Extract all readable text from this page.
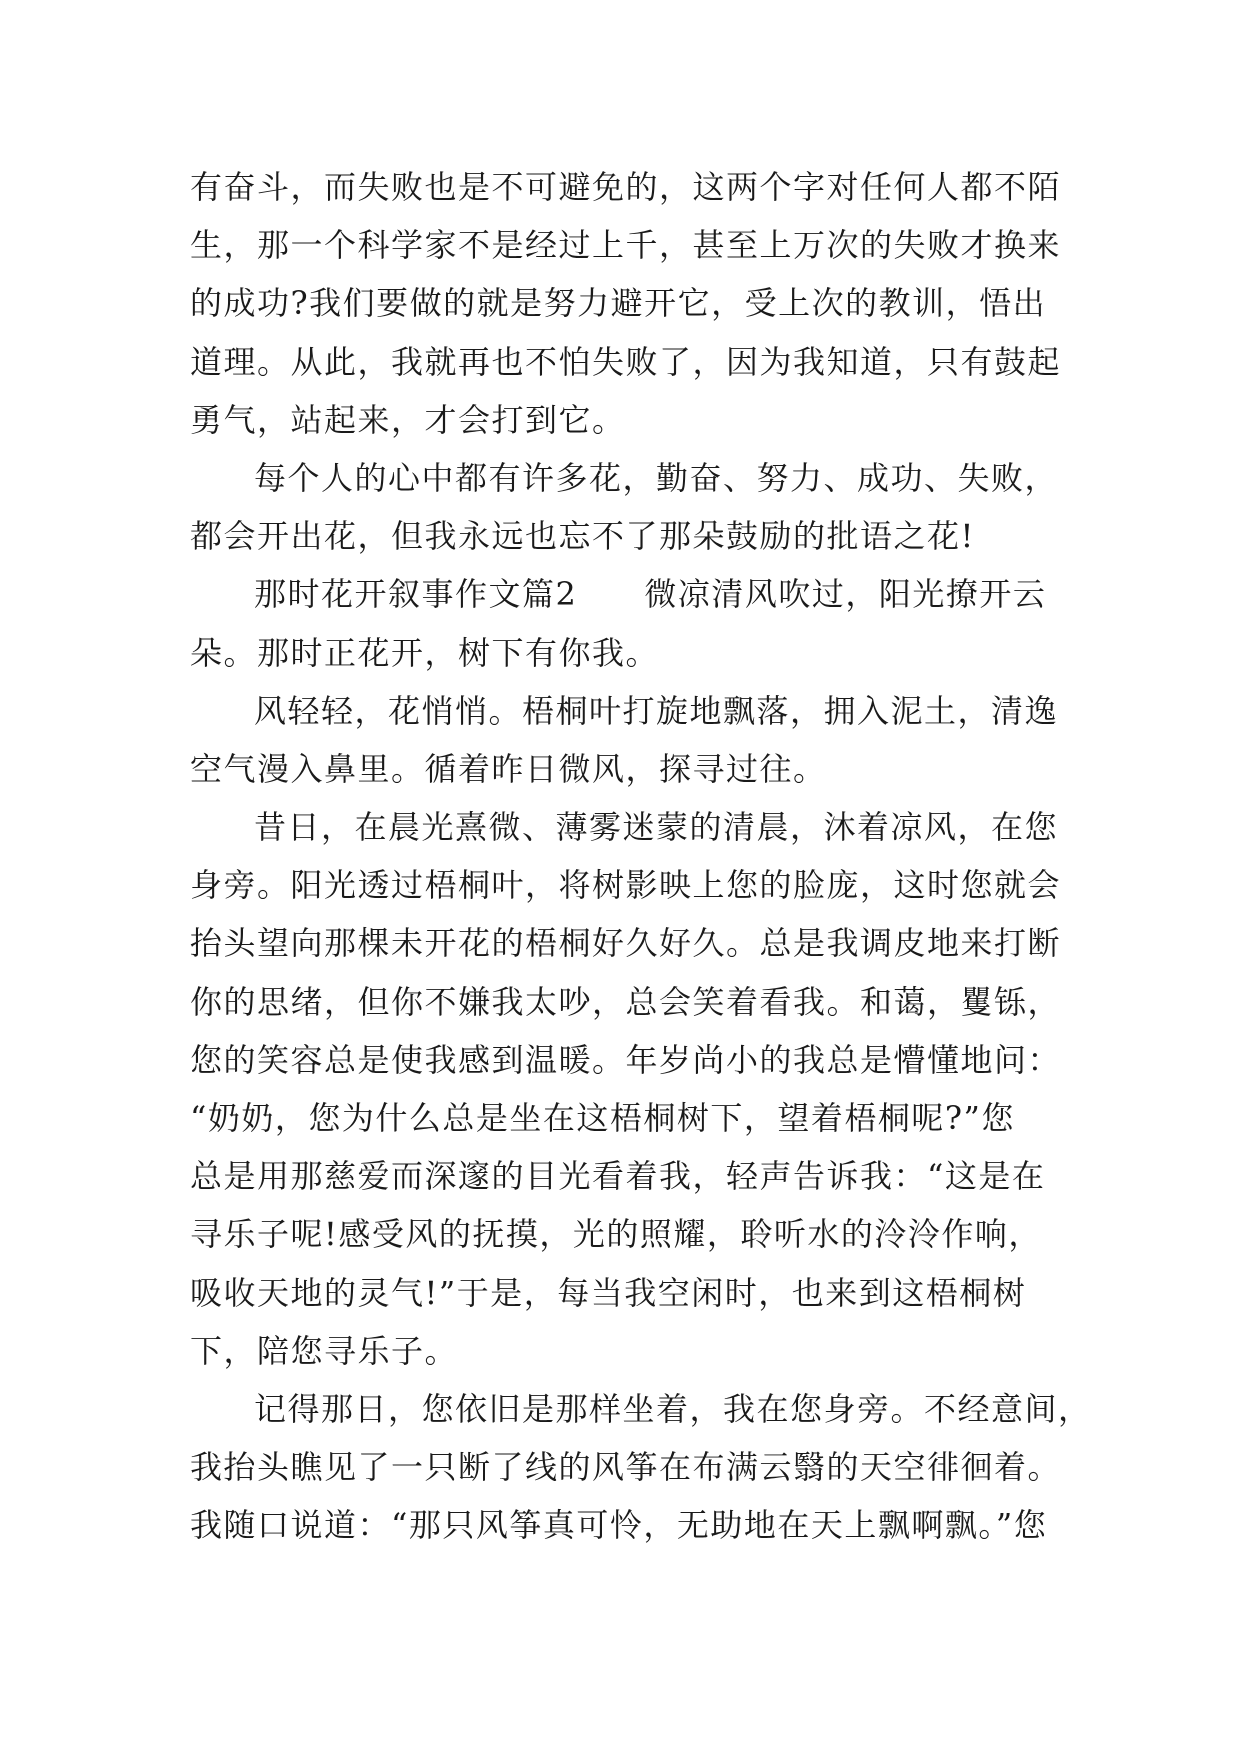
有奋斗，而失败也是不可避免的，这两个字对任何人都不陌
生，那一个科学家不是经过上千，甚至上万次的失败才换来
的成功?我们要做的就是努力避开它，受上次的教训，悟出
道理。从此，我就再也不怕失败了，因为我知道，只有鼓起
勇气，站起来，才会打到它。
每个人的心中都有许多花，勤奋、努力、成功、失败，
都会开出花，但我永远也忘不了那朵鼓励的批语之花!
那时花开叙事作文篇2　　微凉清风吹过，阳光撩开云
朵。那时正花开，树下有你我。
风轻轻，花悄悄。梧桐叶打旋地飘落，拥入泥土，清逸
空气漫入鼻里。循着昨日微风，探寻过往。
昔日，在晨光熹微、薄雾迷蒙的清晨，沐着凉风，在您
身旁。阳光透过梧桐叶，将树影映上您的脸庞，这时您就会
抬头望向那棵未开花的梧桐好久好久。总是我调皮地来打断
你的思绪，但你不嫌我太吵，总会笑着看我。和蔼，矍铄，
您的笑容总是使我感到温暖。年岁尚小的我总是懵懂地问：
“奶奶，您为什么总是坐在这梧桐树下，望着梧桐呢?”您
总是用那慈爱而深邃的目光看着我，轻声告诉我：“这是在
寻乐子呢!感受风的抚摸，光的照耀，聆听水的泠泠作响，
吸收天地的灵气!”于是，每当我空闲时，也来到这梧桐树
下，陪您寻乐子。
记得那日，您依旧是那样坐着，我在您身旁。不经意间，
我抬头瞧见了一只断了线的风筝在布满云翳的天空徘徊着。
我随口说道：“那只风筝真可怜，无助地在天上飘啊飘。”您
